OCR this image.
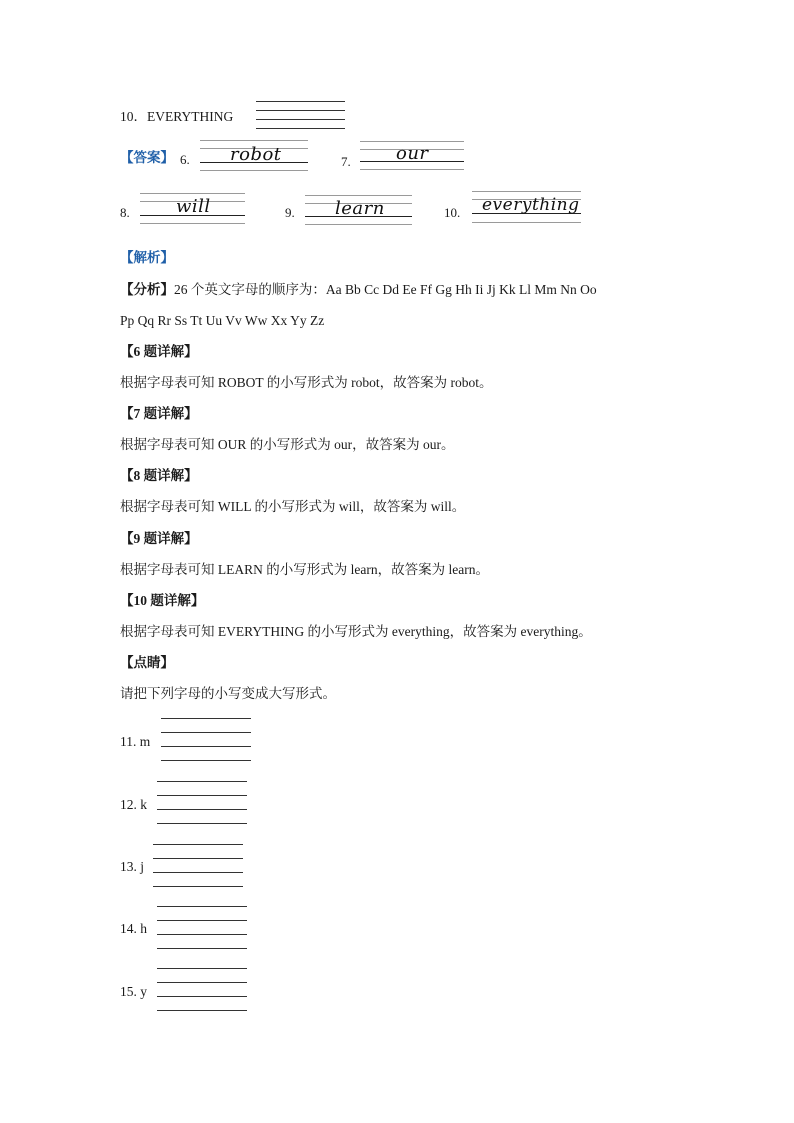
10．EVERYTHING
【答案】 6. robot	7.	our
8.	will	9. learn	10. everything
【解析】
【分析】26 个英文字母的顺序为：Aa Bb Cc Dd Ee Ff Gg Hh Ii Jj Kk Ll Mm Nn Oo
Pp Qq Rr Ss Tt Uu Vv Ww Xx Yy Zz
【6 题详解】
根据字母表可知 ROBOT 的小写形式为 robot，故答案为 robot。
【7 题详解】
根据字母表可知 OUR 的小写形式为 our，故答案为 our。
【8 题详解】
根据字母表可知 WILL 的小写形式为 will，故答案为 will。
【9 题详解】
根据字母表可知 LEARN 的小写形式为 learn，故答案为 learn。
【10 题详解】
根据字母表可知 EVERYTHING 的小写形式为 everything，故答案为 everything。
【点睛】
请把下列字母的小写变成大写形式。
11. m
12. k
13. j
14. h
15. y
